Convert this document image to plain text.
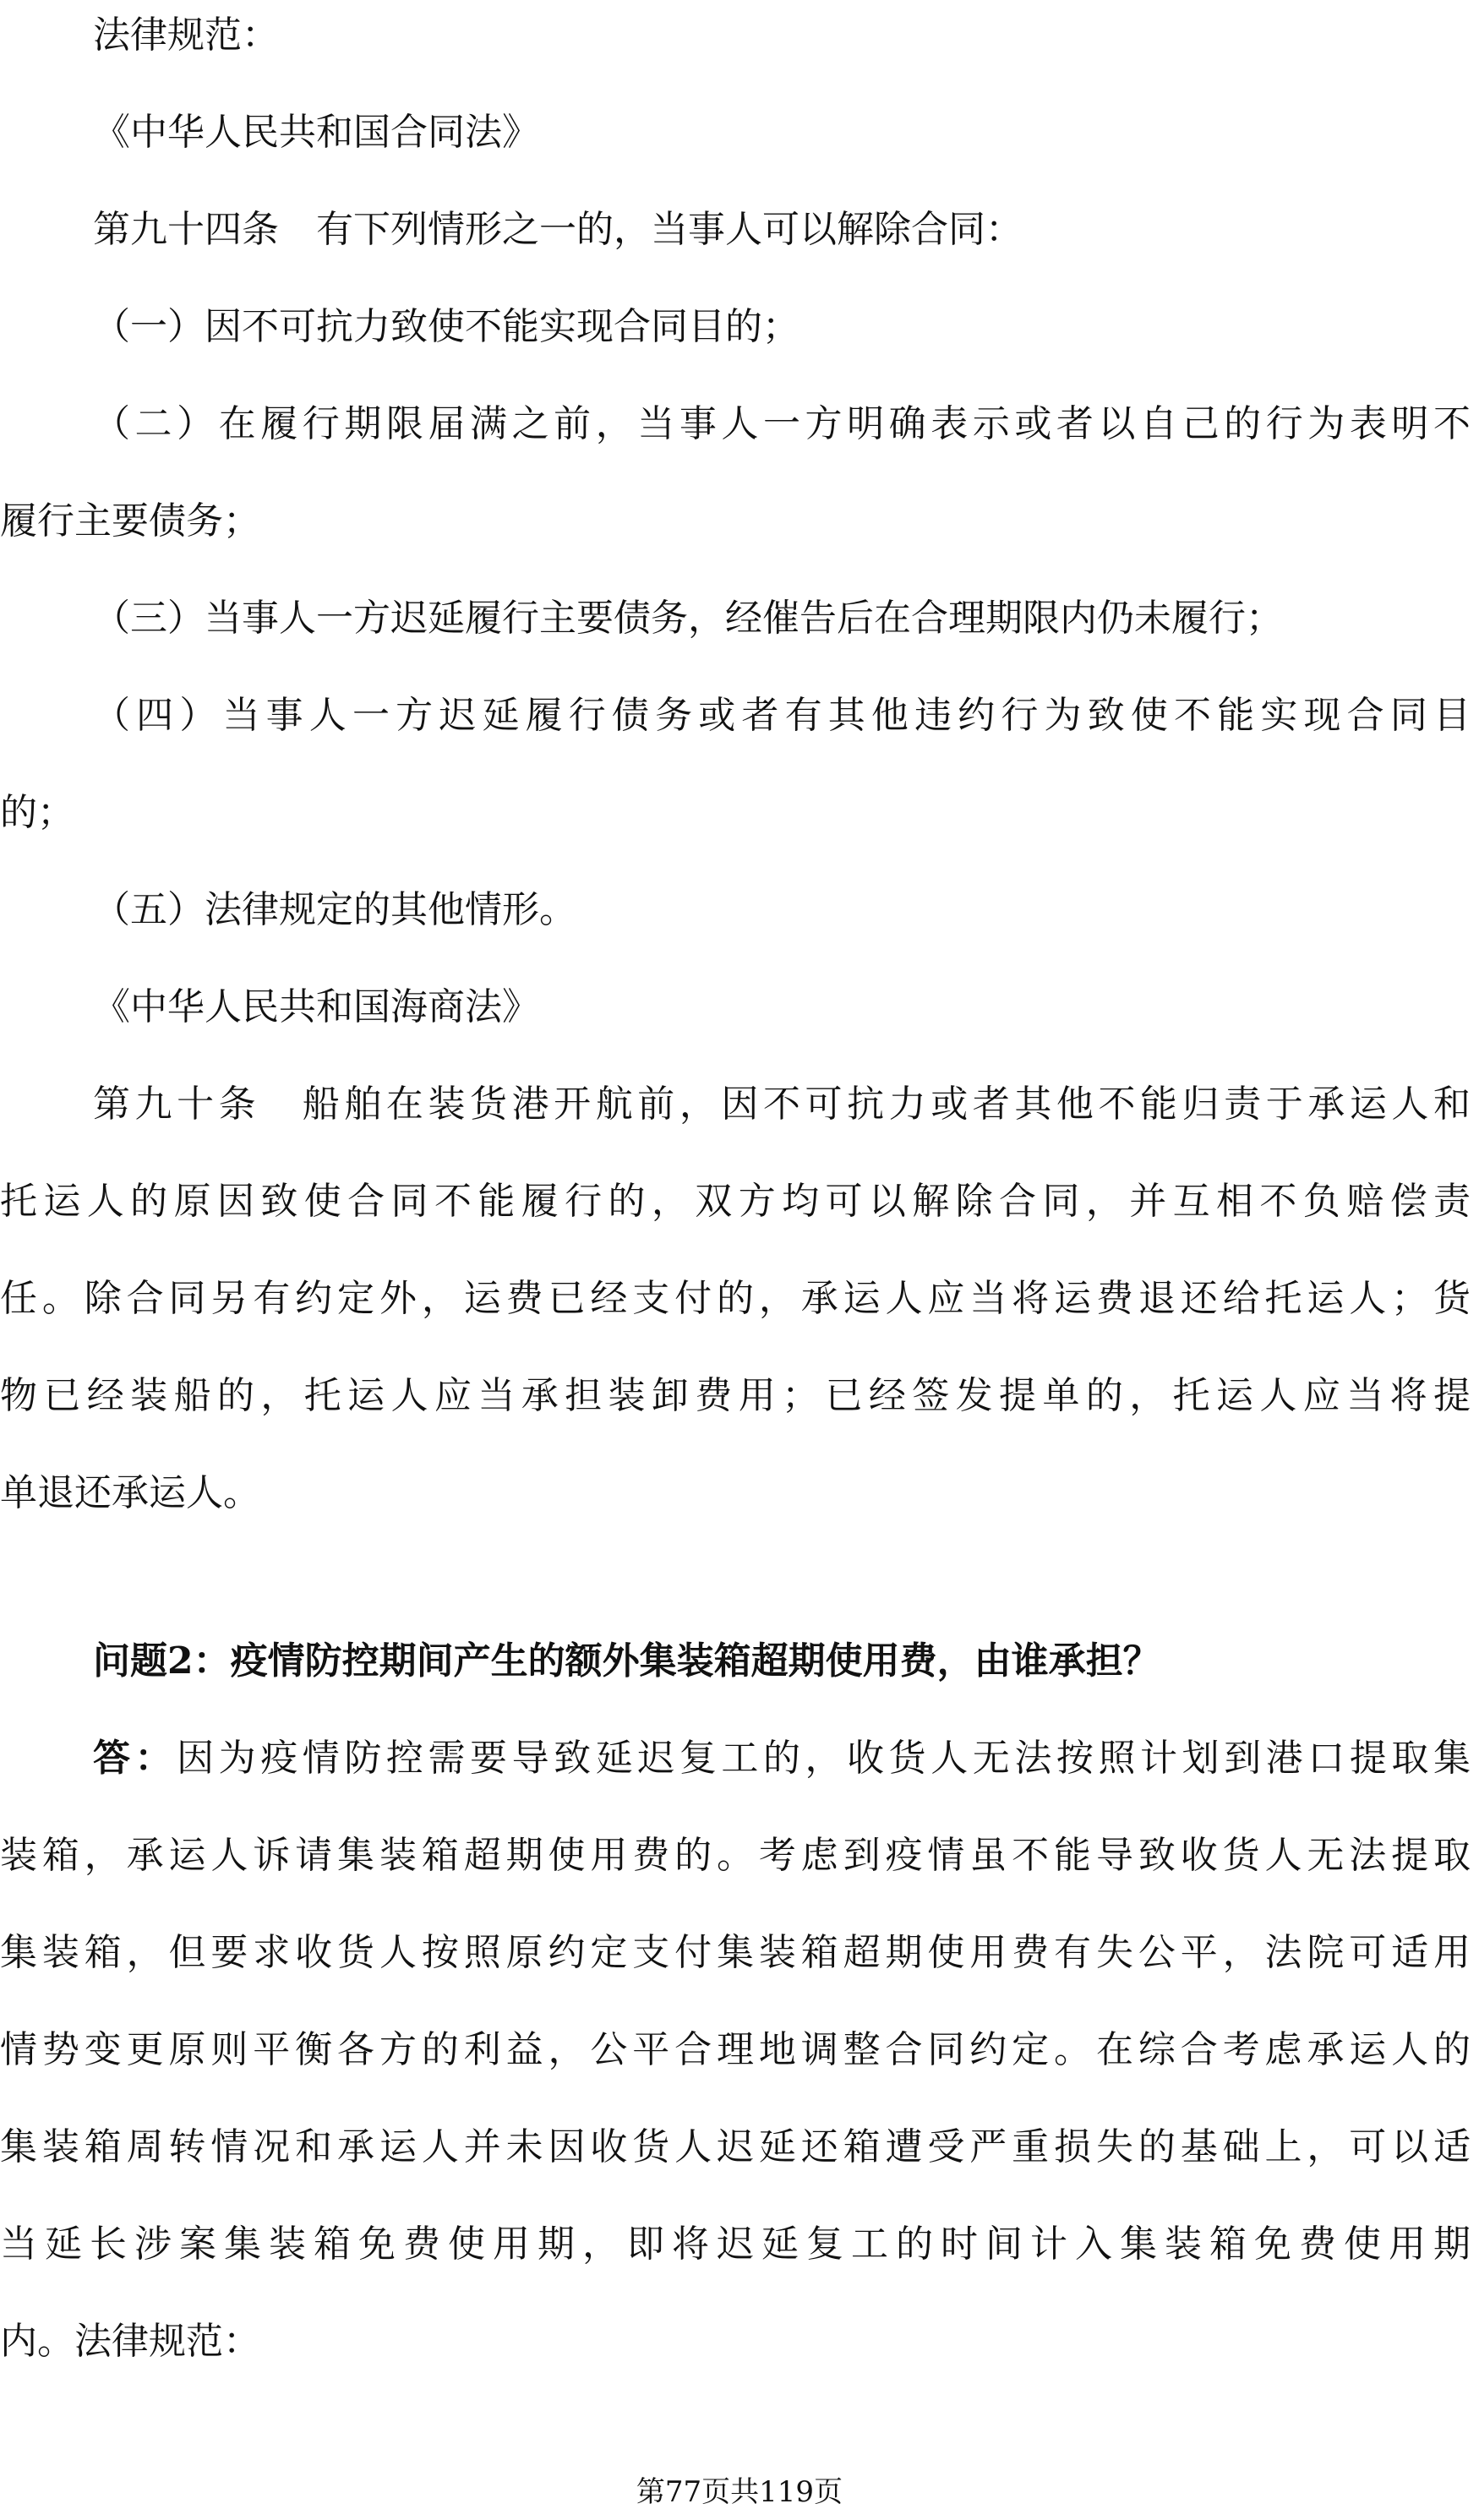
法律规范：
《中华人民共和国合同法》
第九十四条　有下列情形之一的，当事人可以解除合同：
（一）因不可抗力致使不能实现合同目的；
（二）在履行期限届满之前，当事人一方明确表示或者以自己的行为表明不
履行主要债务；
（三）当事人一方迟延履行主要债务，经催告后在合理期限内仍未履行；
（四）当事人一方迟延履行债务或者有其他违约行为致使不能实现合同目
的；
（五）法律规定的其他情形。
《中华人民共和国海商法》
第九十条　船舶在装货港开航前，因不可抗力或者其他不能归责于承运人和
托运人的原因致使合同不能履行的，双方均可以解除合同，并互相不负赔偿责
任。除合同另有约定外，运费已经支付的，承运人应当将运费退还给托运人；货
物已经装船的，托运人应当承担装卸费用；已经签发提单的，托运人应当将提
单退还承运人。
问题2：疫情防控期间产生的额外集装箱超期使用费，由谁承担？
答：因为疫情防控需要导致延迟复工的，收货人无法按照计划到港口提取集
装箱，承运人诉请集装箱超期使用费的。考虑到疫情虽不能导致收货人无法提取
集装箱，但要求收货人按照原约定支付集装箱超期使用费有失公平，法院可适用
情势变更原则平衡各方的利益，公平合理地调整合同约定。在综合考虑承运人的
集装箱周转情况和承运人并未因收货人迟延还箱遭受严重损失的基础上，可以适
当延长涉案集装箱免费使用期，即将迟延复工的时间计入集装箱免费使用期
内。法律规范：
第77页共119页
